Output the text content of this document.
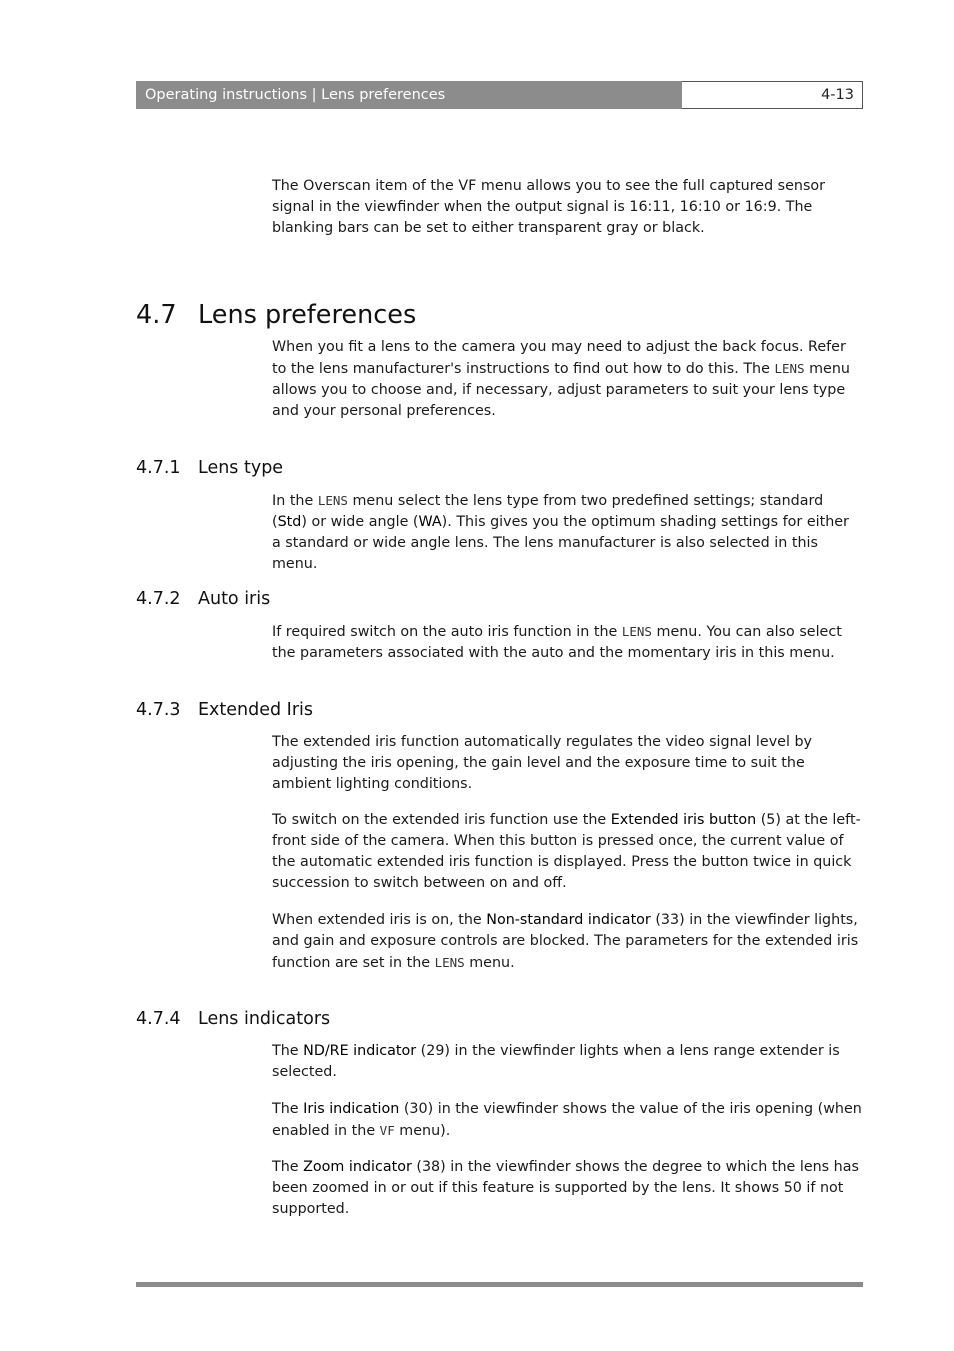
Operating instructions | Lens preferences	4-13

The Overscan item of the VF menu allows you to see the full captured sensor signal in the viewfinder when the output signal is 16:11, 16:10 or 16:9. The blanking bars can be set to either transparent gray or black.

4.7 Lens preferences

When you fit a lens to the camera you may need to adjust the back focus. Refer to the lens manufacturer's instructions to find out how to do this. The LENS menu allows you to choose and, if necessary, adjust parameters to suit your lens type and your personal preferences.

4.7.1 Lens type

In the LENS menu select the lens type from two predefined settings; standard (Std) or wide angle (WA). This gives you the optimum shading settings for either a standard or wide angle lens. The lens manufacturer is also selected in this menu.

4.7.2 Auto iris

If required switch on the auto iris function in the LENS menu. You can also select the parameters associated with the auto and the momentary iris in this menu.

4.7.3 Extended Iris

The extended iris function automatically regulates the video signal level by adjusting the iris opening, the gain level and the exposure time to suit the ambient lighting conditions.

To switch on the extended iris function use the Extended iris button (5) at the left-front side of the camera. When this button is pressed once, the current value of the automatic extended iris function is displayed. Press the button twice in quick succession to switch between on and off.

When extended iris is on, the Non-standard indicator (33) in the viewfinder lights, and gain and exposure controls are blocked. The parameters for the extended iris function are set in the LENS menu.

4.7.4 Lens indicators

The ND/RE indicator (29) in the viewfinder lights when a lens range extender is selected.

The Iris indication (30) in the viewfinder shows the value of the iris opening (when enabled in the VF menu).

The Zoom indicator (38) in the viewfinder shows the degree to which the lens has been zoomed in or out if this feature is supported by the lens. It shows 50 if not supported.
